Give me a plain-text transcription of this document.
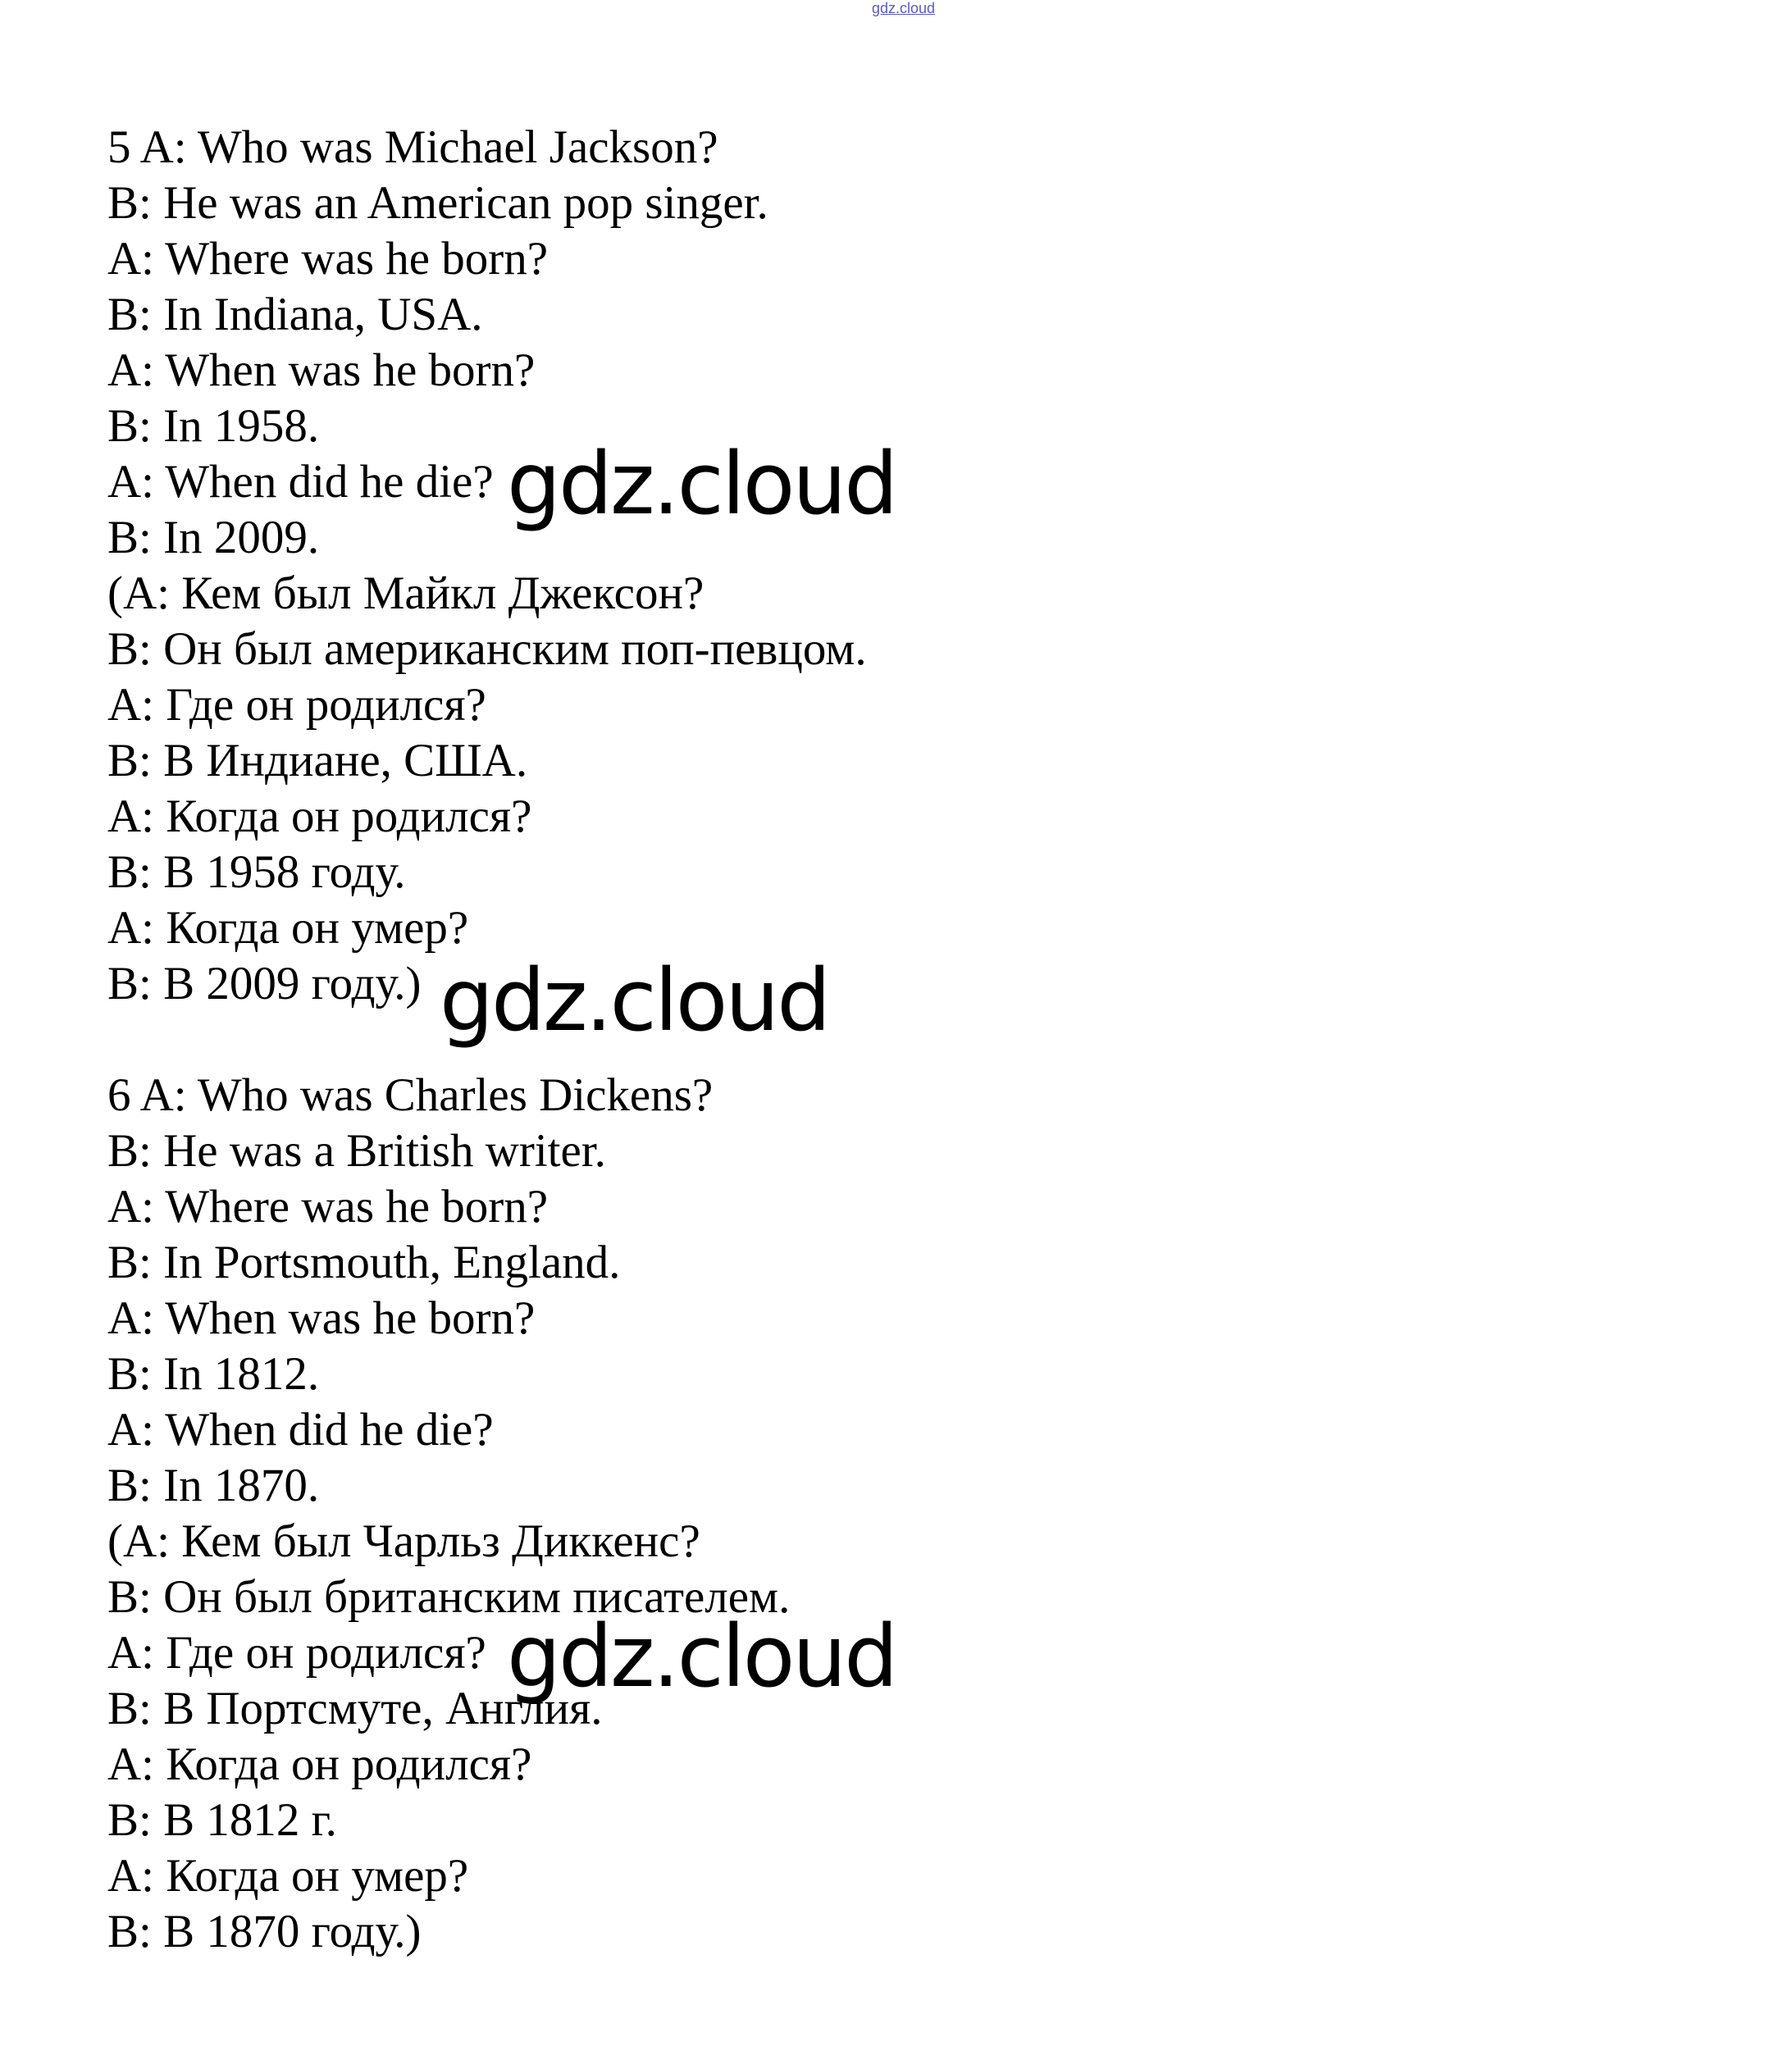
gdz.cloud
5 A: Who was Michael Jackson?
B: He was an American pop singer.
A: Where was he born?
B: In Indiana, USA.
A: When was he born?
B: In 1958.
A: When did he die?
B: In 2009.
(A: Кем был Майкл Джексон?
B: Он был американским поп-певцом.
A: Где он родился?
B: В Индиане, США.
A: Когда он родился?
B: В 1958 году.
A: Когда он умер?
B: В 2009 году.)
6 A: Who was Charles Dickens?
B: He was a British writer.
A: Where was he born?
B: In Portsmouth, England.
A: When was he born?
B: In 1812.
A: When did he die?
B: In 1870.
(A: Кем был Чарльз Диккенс?
B: Он был британским писателем.
A: Где он родился?
B: В Портсмуте, Англия.
A: Когда он родился?
B: В 1812 г.
A: Когда он умер?
B: В 1870 году.)
gdz.cloud
gdz.cloud
gdz.cloud
